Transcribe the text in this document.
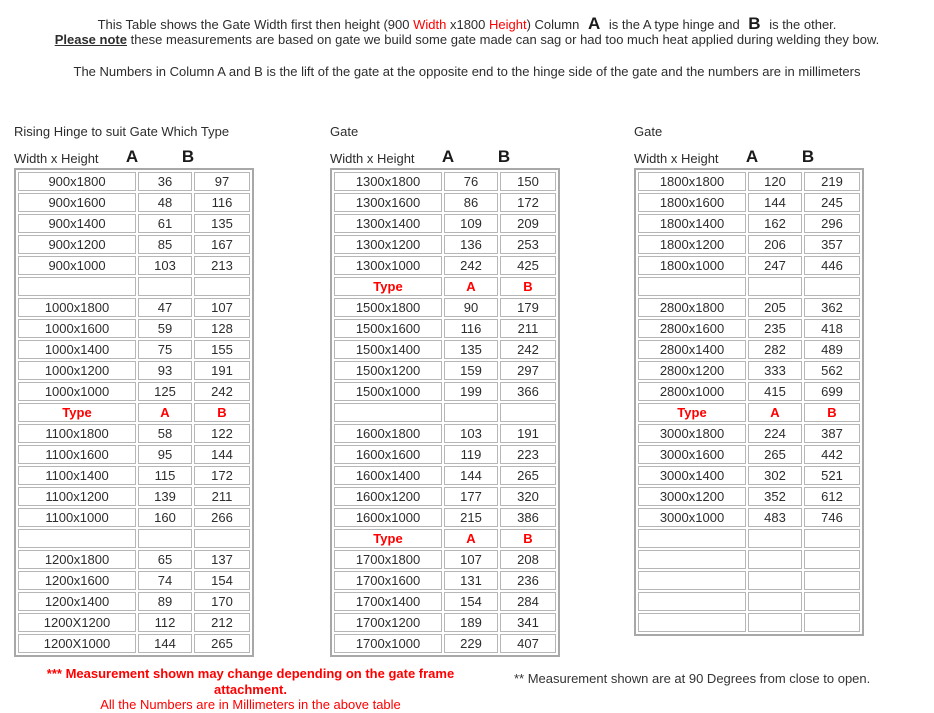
This Table shows the Gate Width first then height (900 Width x1800 Height) Column A is the A type hinge and B is the other.
Please note these measurements are based on gate we build some gate made can sag or had too much heat applied during welding they bow.
The Numbers in Column A and B is the lift of the gate at the opposite end to the hinge side of the gate and the numbers are in millimeters
Rising Hinge to suit Gate Which Type
Width x Height	A	B
900x1800	36	97
900x1600	48	116
900x1400	61	135
900x1200	85	167
900x1000	103	213

1000x1800	47	107
1000x1600	59	128
1000x1400	75	155
1000x1200	93	191
1000x1000	125	242
Type	A	B
1100x1800	58	122
1100x1600	95	144
1100x1400	115	172
1100x1200	139	211
1100x1000	160	266

1200x1800	65	137
1200x1600	74	154
1200x1400	89	170
1200X1200	112	212
1200X1000	144	265
Gate
Width x Height	A	B
1300x1800	76	150
1300x1600	86	172
1300x1400	109	209
1300x1200	136	253
1300x1000	242	425
Type	A	B
1500x1800	90	179
1500x1600	116	211
1500x1400	135	242
1500x1200	159	297
1500x1000	199	366

1600x1800	103	191
1600x1600	119	223
1600x1400	144	265
1600x1200	177	320
1600x1000	215	386
Type	A	B
1700x1800	107	208
1700x1600	131	236
1700x1400	154	284
1700x1200	189	341
1700x1000	229	407
Gate
Width x Height	A	B
1800x1800	120	219
1800x1600	144	245
1800x1400	162	296
1800x1200	206	357
1800x1000	247	446

2800x1800	205	362
2800x1600	235	418
2800x1400	282	489
2800x1200	333	562
2800x1000	415	699
Type	A	B
3000x1800	224	387
3000x1600	265	442
3000x1400	302	521
3000x1200	352	612
3000x1000	483	746

*** Measurement shown may change depending on the gate frame
attachment.
All the Numbers are in Millimeters in the above table
** Measurement shown are at 90 Degrees from close to open.
